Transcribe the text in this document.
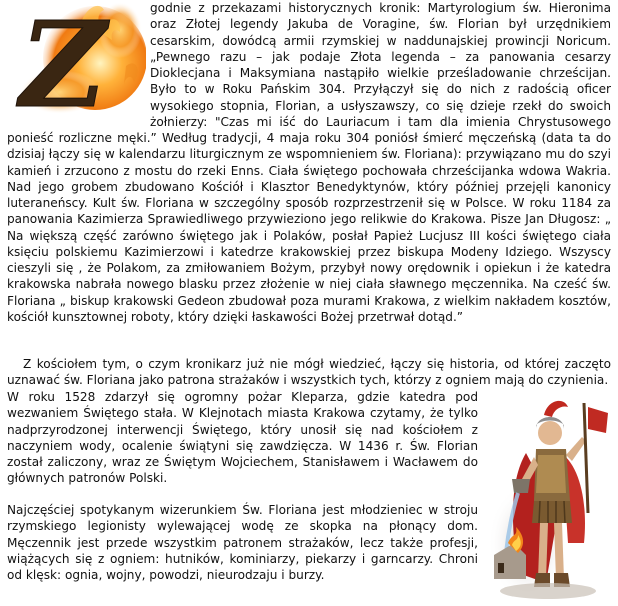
Z	godnie z przekazami historycznych kronik: Martyrologium św. Hieronima oraz Złotej legendy Jakuba de Voragine, św. Florian był urzędnikiem cesarskim, dowódcą armii rzymskiej w naddunajskiej prowincji Noricum. „Pewnego razu – jak podaje Złota legenda – za panowania cesarzy Dioklecjana i Maksymiana nastąpiło wielkie prześladowanie chrześcijan. Było to w Roku Pańskim 304. Przyłączył się do nich z radością oficer wysokiego stopnia, Florian, a usłyszawszy, co się dzieje rzekł do swoich żołnierzy: "Czas mi iść do Lauriacum i tam dla imienia Chrystusowego ponieść rozliczne męki.” Według tradycji, 4 maja roku 304 poniósł śmierć męczeńską (data ta do dzisiaj łączy się w kalendarzu liturgicznym ze wspomnieniem św. Floriana): przywiązano mu do szyi kamień i zrzucono z mostu do rzeki Enns. Ciała świętego pochowała chrześcijanka wdowa Wakria. Nad jego grobem zbudowano Kościół i Klasztor Benedyktynów, który później przejęli kanonicy luteraneńscy. Kult św. Floriana w szczególny sposób rozprzestrzenił się w Polsce. W roku 1184 za panowania Kazimierza Sprawiedliwego przywieziono jego relikwie do Krakowa. Pisze Jan Długosz: „ Na większą część zarówno świętego jak i Polaków, posłał Papież Lucjusz III kości świętego ciała księciu polskiemu Kazimierzowi i katedrze krakowskiej przez biskupa Modeny Idziego. Wszyscy cieszyli się , że Polakom, za zmiłowaniem Bożym, przybył nowy orędownik i opiekun i że katedra krakowska nabrała nowego blasku przez złożenie w niej ciała sławnego męczennika. Na cześć św. Floriana „ biskup krakowski Gedeon zbudował poza murami Krakowa, z wielkim nakładem kosztów, kościół kunsztownej roboty, który dzięki łaskawości Bożej przetrwał dotąd.”
Z kościołem tym, o czym kronikarz już nie mógł wiedzieć, łączy się historia, od której zaczęto uznawać św. Floriana jako patrona strażaków i wszystkich tych, którzy z ogniem mają do czynienia.
W roku 1528 zdarzył się ogromny pożar Kleparza, gdzie katedra pod wezwaniem Świętego stała. W Klejnotach miasta Krakowa czytamy, że tylko nadprzyrodzonej interwencji Świętego, który unosił się nad kościołem z naczyniem wody, ocalenie świątyni się zawdzięcza. W 1436 r. Św. Florian został zaliczony, wraz ze Świętym Wojciechem, Stanisławem i Wacławem do głównych patronów Polski.
Najczęściej spotykanym wizerunkiem Św. Floriana jest młodzieniec w stroju rzymskiego legionisty wylewającej wodę ze skopka na płonący dom. Męczennik jest przede wszystkim patronem strażaków, lecz także profesji, wiążących się z ogniem: hutników, kominiarzy, piekarzy i garncarzy. Chroni od klęsk: ognia, wojny, powodzi, nieurodzaju i burzy.
